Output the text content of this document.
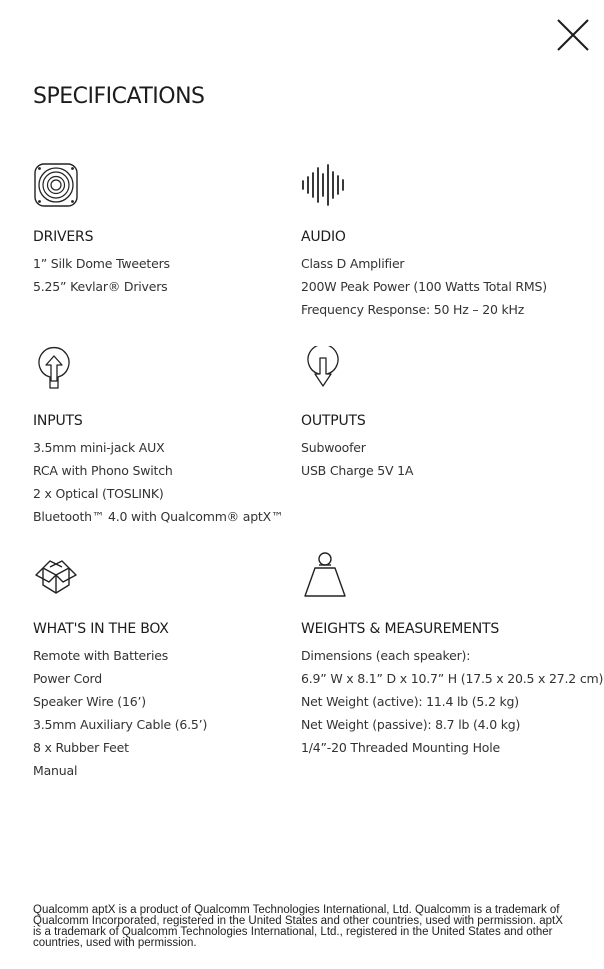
SPECIFICATIONS
DRIVERS
1” Silk Dome Tweeters
5.25” Kevlar® Drivers
AUDIO
Class D Amplifier
200W Peak Power (100 Watts Total RMS)
Frequency Response: 50 Hz – 20 kHz
INPUTS
3.5mm mini-jack AUX
RCA with Phono Switch
2 x Optical (TOSLINK)
Bluetooth™ 4.0 with Qualcomm® aptX™
OUTPUTS
Subwoofer
USB Charge 5V 1A
WHAT'S IN THE BOX
Remote with Batteries
Power Cord
Speaker Wire (16’)
3.5mm Auxiliary Cable (6.5’)
8 x Rubber Feet
Manual
WEIGHTS & MEASUREMENTS
Dimensions (each speaker):
6.9” W x 8.1” D x 10.7” H (17.5 x 20.5 x 27.2 cm)
Net Weight (active): 11.4 lb (5.2 kg)
Net Weight (passive): 8.7 lb (4.0 kg)
1/4”-20 Threaded Mounting Hole

Qualcomm aptX is a product of Qualcomm Technologies International, Ltd. Qualcomm is a trademark of Qualcomm Incorporated, registered in the United States and other countries, used with permission. aptX is a trademark of Qualcomm Technologies International, Ltd., registered in the United States and other countries, used with permission.
